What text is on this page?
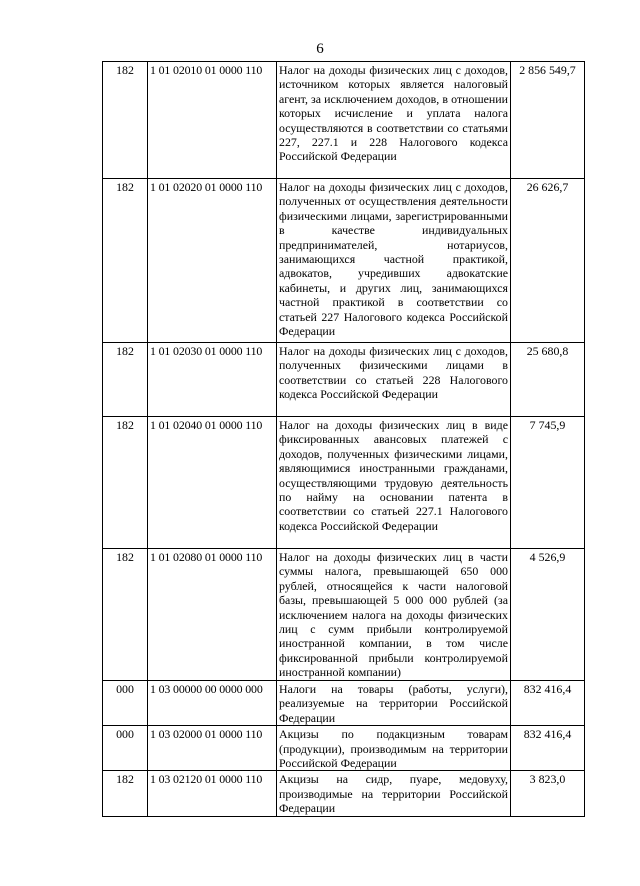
6
182	1 01 02010 01 0000 110	Налог на доходы физических лиц с доходов, источником которых является налоговый агент, за исключением доходов, в отношении которых исчисление и уплата налога осуществляются в соответствии со статьями 227, 227.1 и 228 Налогового кодекса Российской Федерации	2 856 549,7
182	1 01 02020 01 0000 110	Налог на доходы физических лиц с доходов, полученных от осуществления деятельности физическими лицами, зарегистрированными в качестве индивидуальных предпринимателей, нотариусов, занимающихся частной практикой, адвокатов, учредивших адвокатские кабинеты, и других лиц, занимающихся частной практикой в соответствии со статьей 227 Налогового кодекса Российской Федерации	26 626,7
182	1 01 02030 01 0000 110	Налог на доходы физических лиц с доходов, полученных физическими лицами в соответствии со статьей 228 Налогового кодекса Российской Федерации	25 680,8
182	1 01 02040 01 0000 110	Налог на доходы физических лиц в виде фиксированных авансовых платежей с доходов, полученных физическими лицами, являющимися иностранными гражданами, осуществляющими трудовую деятельность по найму на основании патента в соответствии со статьей 227.1 Налогового кодекса Российской Федерации	7 745,9
182	1 01 02080 01 0000 110	Налог на доходы физических лиц в части суммы налога, превышающей 650 000 рублей, относящейся к части налоговой базы, превышающей 5 000 000 рублей (за исключением налога на доходы физических лиц с сумм прибыли контролируемой иностранной компании, в том числе фиксированной прибыли контролируемой иностранной компании)	4 526,9
000	1 03 00000 00 0000 000	Налоги на товары (работы, услуги), реализуемые на территории Российской Федерации	832 416,4
000	1 03 02000 01 0000 110	Акцизы по подакцизным товарам (продукции), производимым на территории Российской Федерации	832 416,4
182	1 03 02120 01 0000 110	Акцизы на сидр, пуаре, медовуху, производимые на территории Российской Федерации	3 823,0
